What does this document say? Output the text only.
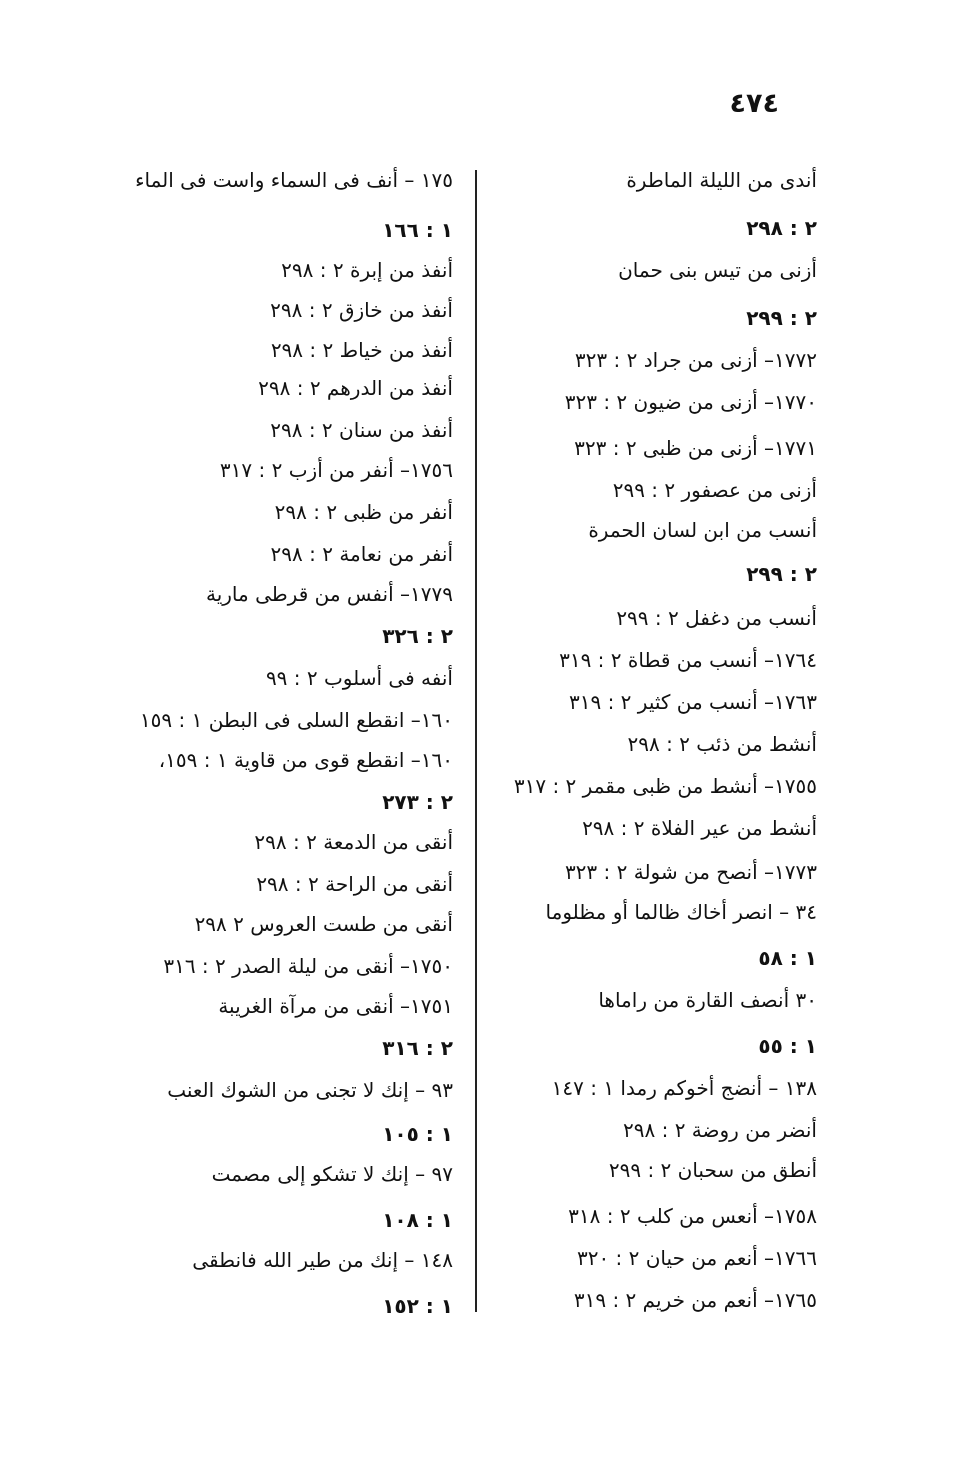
٤٧٤
أندى من الليلة الماطرة
٢ : ٢٩٨
أزنى من تيس بنى حمان
٢ : ٢٩٩
١٧٧٢– أزنى من جراد ٢ : ٣٢٣
١٧٧٠– أزنى من ضيون ٢ : ٣٢٣
١٧٧١– أزنى من ظبى ٢ : ٣٢٣
أزنى من عصفور ٢ : ٢٩٩
أنسب من ابن لسان الحمرة
٢ : ٢٩٩
أنسب من دغفل ٢ : ٢٩٩
١٧٦٤– أنسب من قطاة ٢ : ٣١٩
١٧٦٣– أنسب من كثير ٢ : ٣١٩
أنشط من ذئب ٢ : ٢٩٨
١٧٥٥– أنشط من ظبى مقمر ٢ : ٣١٧
أنشط من عير الفلاة ٢ : ٢٩٨
١٧٧٣– أنصح من شولة ٢ : ٣٢٣
٣٤ – انصر أخاك ظالما أو مظلوما
١ : ٥٨
٣٠ أنصف القارة من راماها
١ : ٥٥
١٣٨ – أنضج أخوكم رمدا ١ : ١٤٧
أنضر من روضة ٢ : ٢٩٨
أنطق من سحبان ٢ : ٢٩٩
١٧٥٨– أنعس من كلب ٢ : ٣١٨
١٧٦٦– أنعم من حيان ٢ : ٣٢٠
١٧٦٥– أنعم من خريم ٢ : ٣١٩
١٧٥ – أنف فى السماء واست فى الماء
١ : ١٦٦
أنفذ من إبرة ٢ : ٢٩٨
أنفذ من خازق ٢ : ٢٩٨
أنفذ من خياط ٢ : ٢٩٨
أنفذ من الدرهم ٢ : ٢٩٨
أنفذ من سنان ٢ : ٢٩٨
١٧٥٦– أنفر من أزب ٢ : ٣١٧
أنفر من ظبى ٢ : ٢٩٨
أنفر من نعامة ٢ : ٢٩٨
١٧٧٩– أنفس من قرطى مارية
٢ : ٣٢٦
أنفه فى أسلوب ٢ : ٩٩
١٦٠– انقطع السلى فى البطن ١ : ١٥٩
١٦٠– انقطع قوى من قاوية ١ : ١٥٩،
٢ : ٢٧٣
أنقى من الدمعة ٢ : ٢٩٨
أنقى من الراحة ٢ : ٢٩٨
أنقى من طست العروس ٢ ٢٩٨
١٧٥٠– أنقى من ليلة الصدر ٢ : ٣١٦
١٧٥١– أنقى من مرآة الغريبة
٢ : ٣١٦
٩٣ – إنك لا تجنى من الشوك العنب
١ : ١٠٥
٩٧ – إنك لا تشكو إلى مصمت
١ : ١٠٨
١٤٨ – إنك من طير الله فانطقى
١ : ١٥٢
